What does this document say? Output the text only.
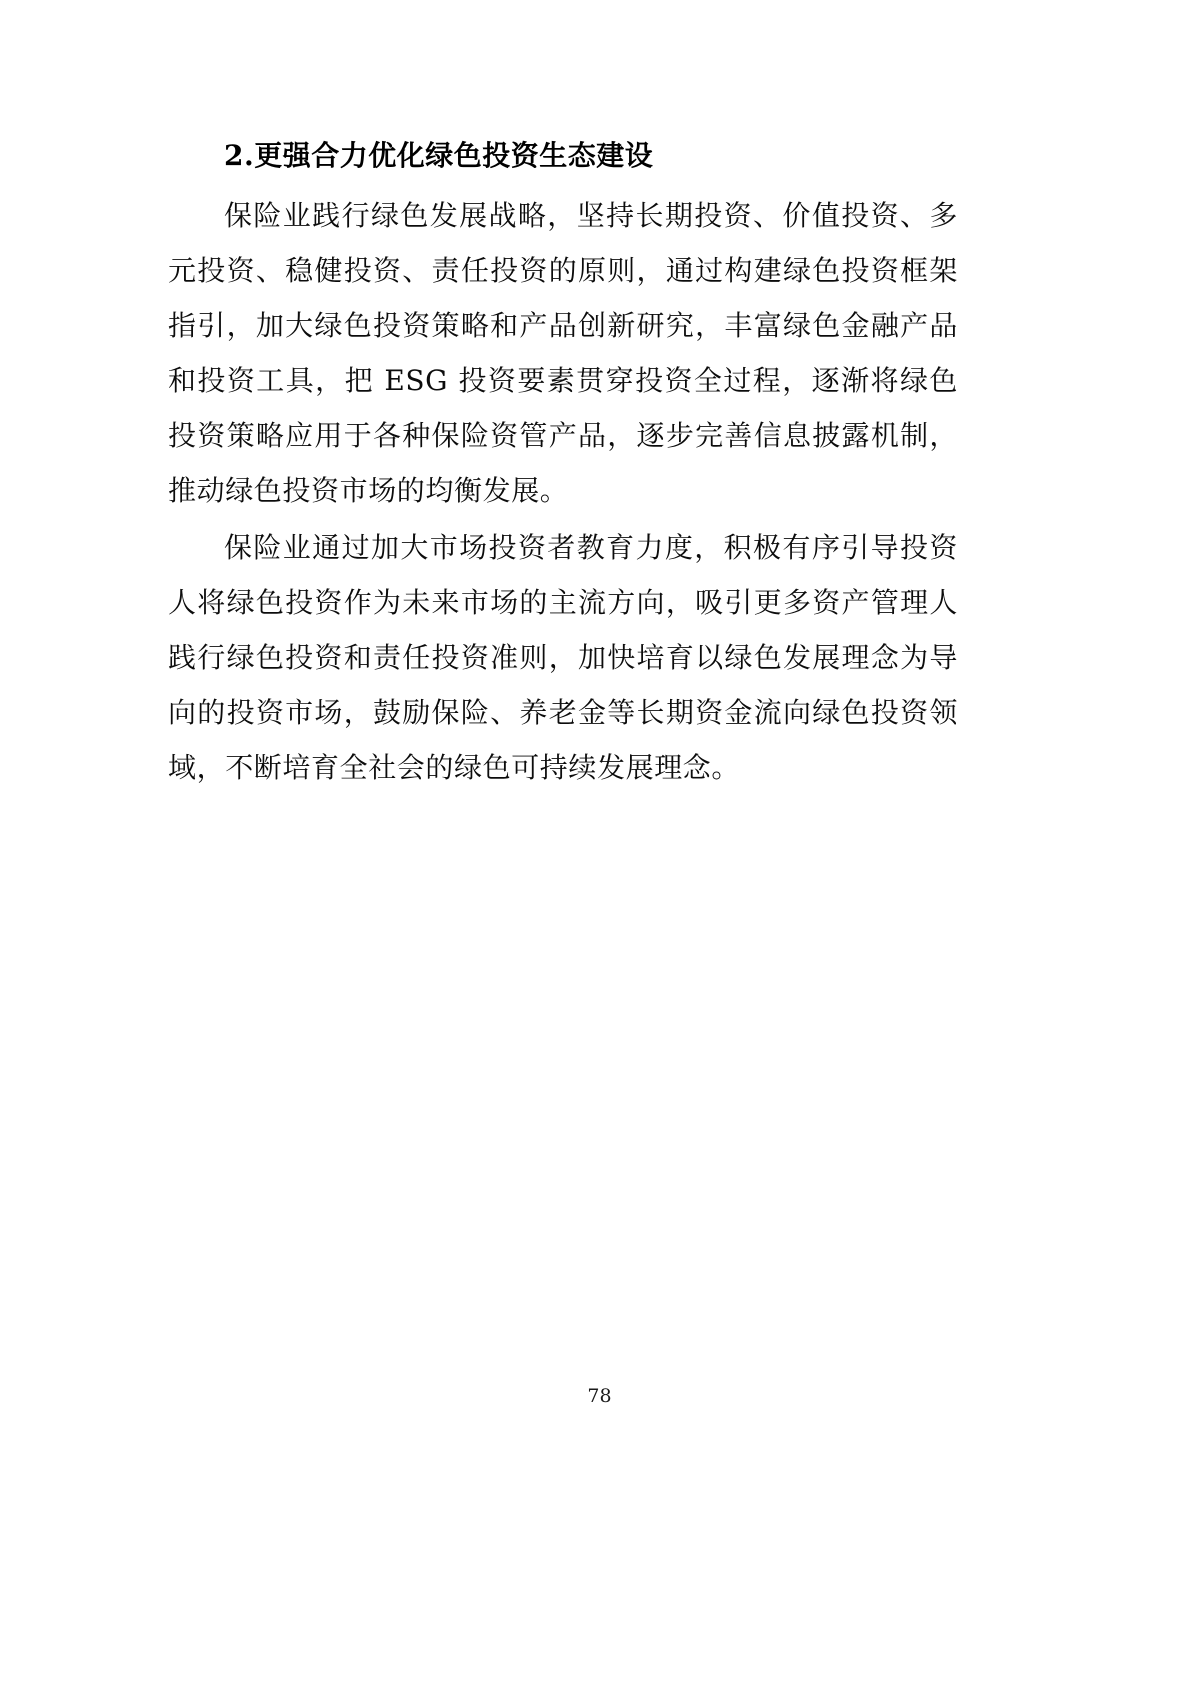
2.更强合力优化绿色投资生态建设

保险业践行绿色发展战略，坚持长期投资、价值投资、多元投资、稳健投资、责任投资的原则，通过构建绿色投资框架指引，加大绿色投资策略和产品创新研究，丰富绿色金融产品和投资工具，把 ESG 投资要素贯穿投资全过程，逐渐将绿色投资策略应用于各种保险资管产品，逐步完善信息披露机制，推动绿色投资市场的均衡发展。

保险业通过加大市场投资者教育力度，积极有序引导投资人将绿色投资作为未来市场的主流方向，吸引更多资产管理人践行绿色投资和责任投资准则，加快培育以绿色发展理念为导向的投资市场，鼓励保险、养老金等长期资金流向绿色投资领域，不断培育全社会的绿色可持续发展理念。

78
